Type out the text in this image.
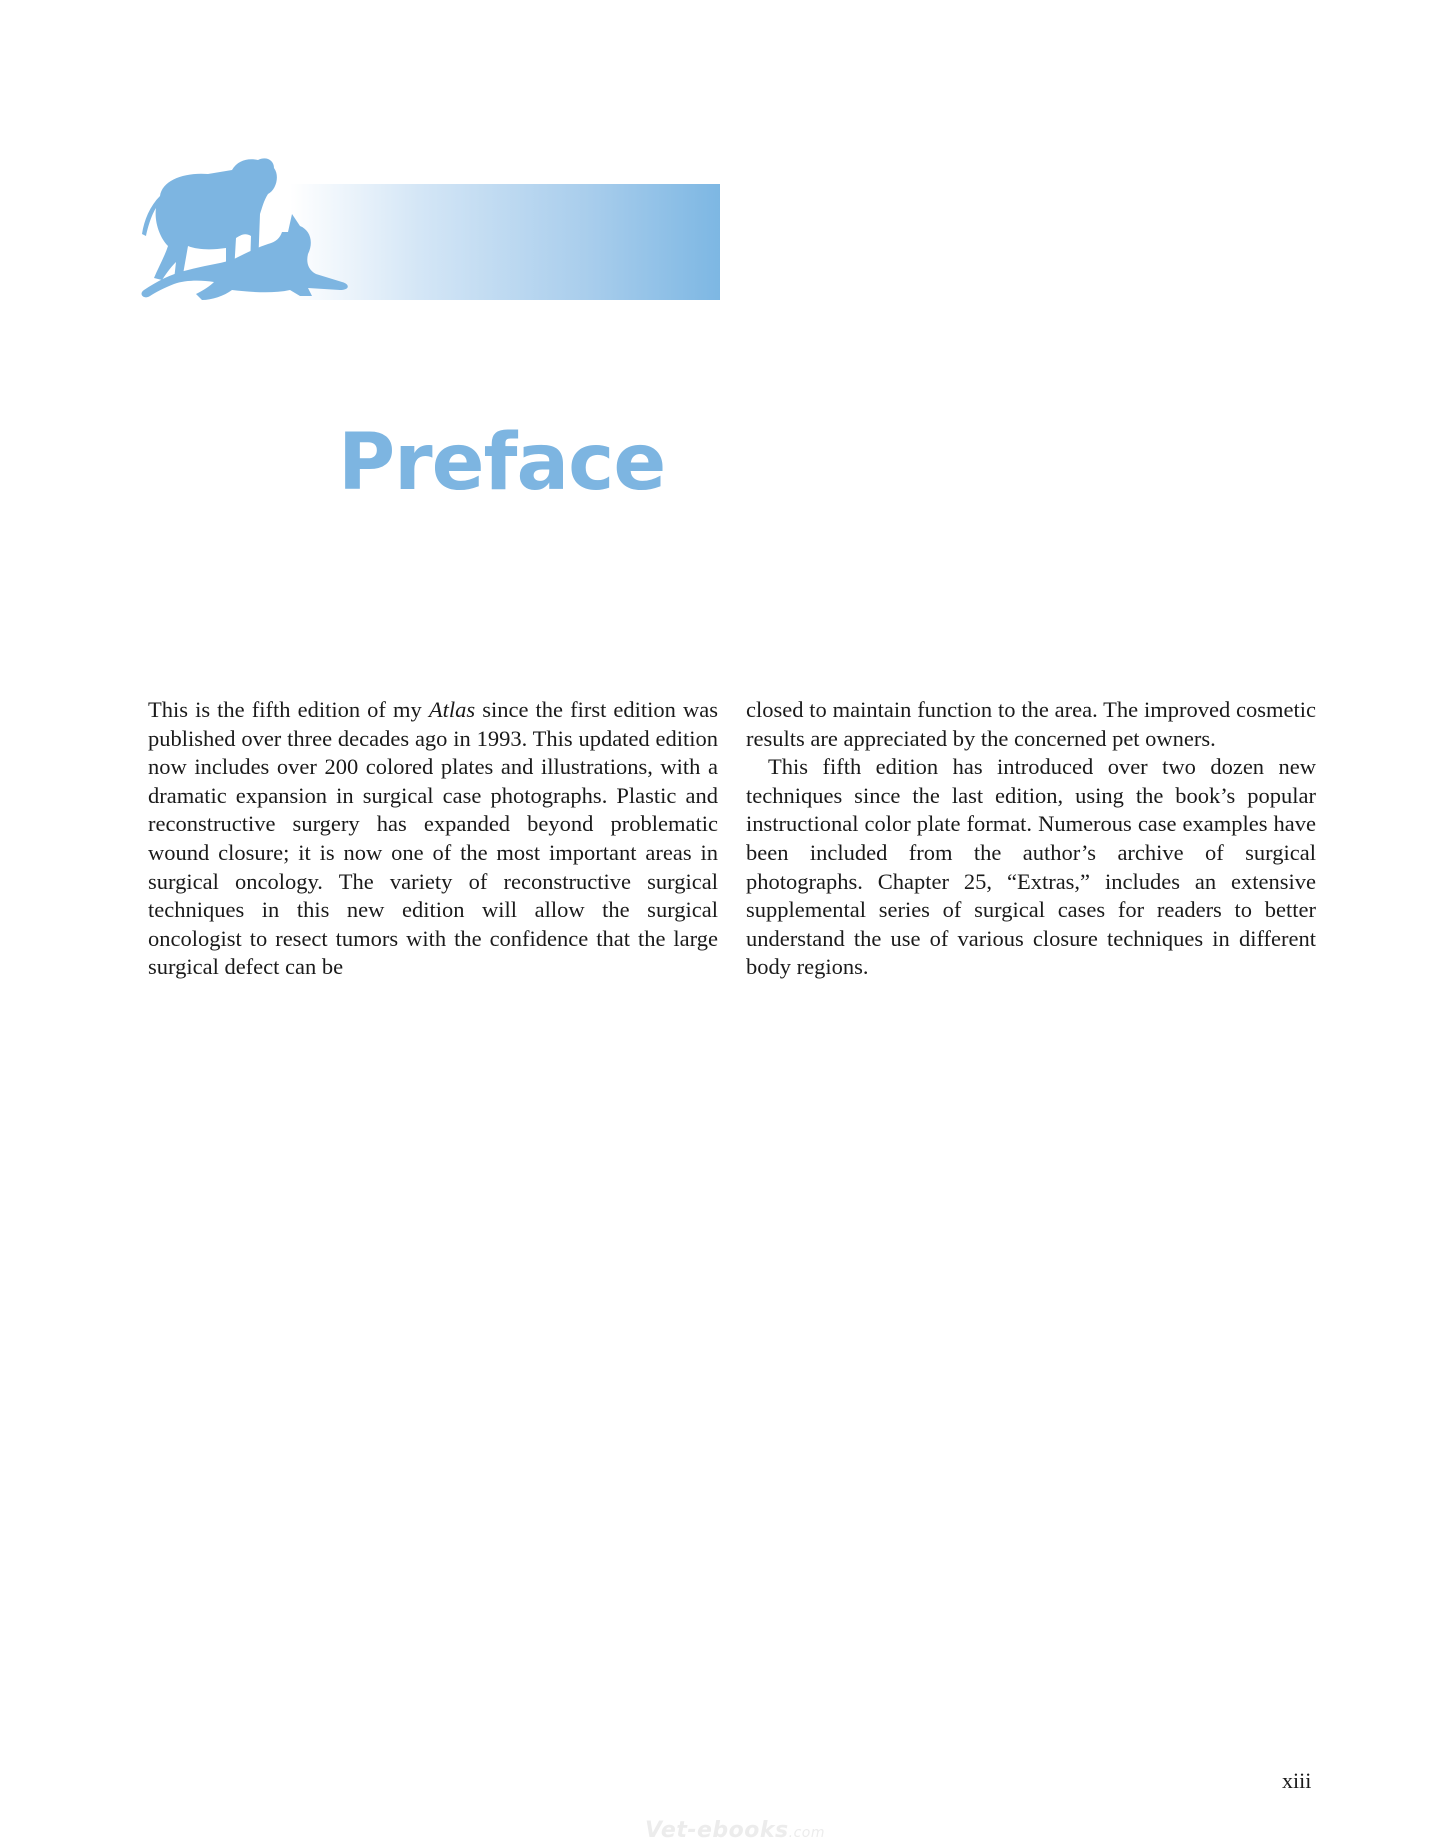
Preface

This is the fifth edition of my Atlas since the first edition was published over three decades ago in 1993. This updated edition now includes over 200 colored plates and illustrations, with a dramatic expansion in surgical case photographs. Plastic and reconstructive surgery has expanded beyond problematic wound closure; it is now one of the most important areas in surgical oncology. The variety of reconstructive surgical techniques in this new edition will allow the surgical oncologist to resect tumors with the confidence that the large surgical defect can be

closed to maintain function to the area. The improved cosmetic results are appreciated by the concerned pet owners.

This fifth edition has introduced over two dozen new techniques since the last edition, using the book’s popular instructional color plate format. Numerous case examples have been included from the author’s archive of surgical photographs. Chapter 25, “Extras,” includes an extensive supplemental series of surgical cases for readers to better understand the use of various closure techniques in different body regions.

xiii
Vet-ebooks.com
